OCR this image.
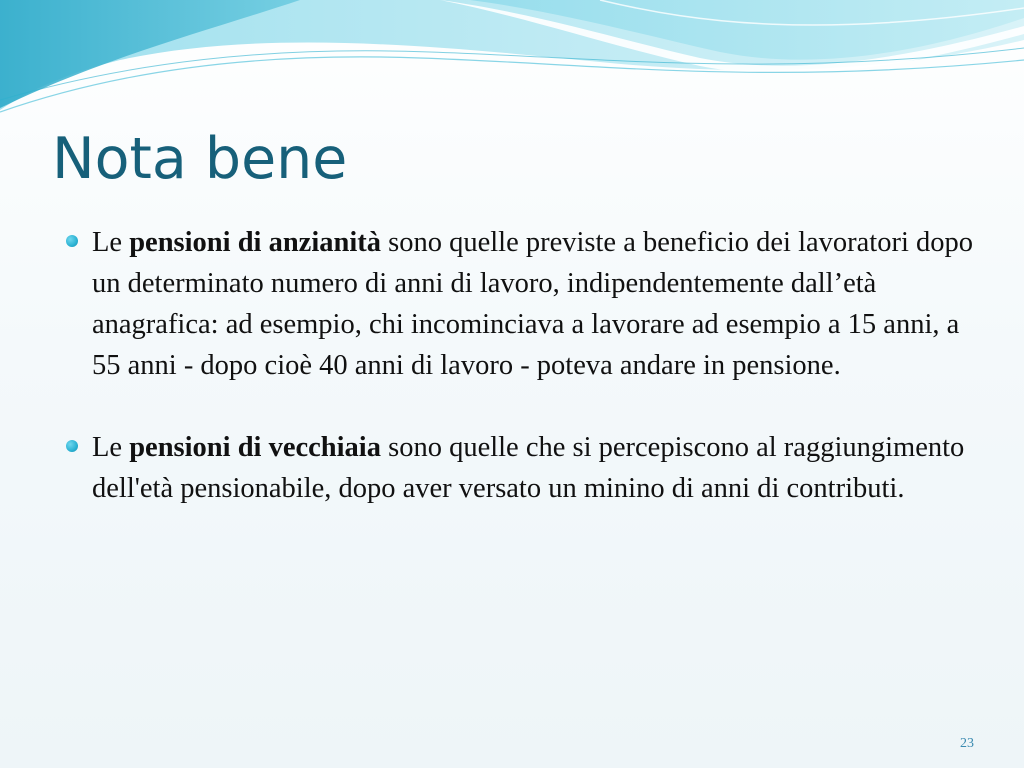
Nota bene
Le pensioni di anzianità sono quelle previste a beneficio dei lavoratori dopo un determinato numero di anni di lavoro, indipendentemente dall’età anagrafica: ad esempio, chi incominciava a lavorare ad esempio a 15 anni, a 55 anni - dopo cioè 40 anni di lavoro - poteva andare in pensione.
Le pensioni di vecchiaia sono quelle che si percepiscono al raggiungimento dell'età pensionabile, dopo aver versato un minino di anni di contributi.
23
